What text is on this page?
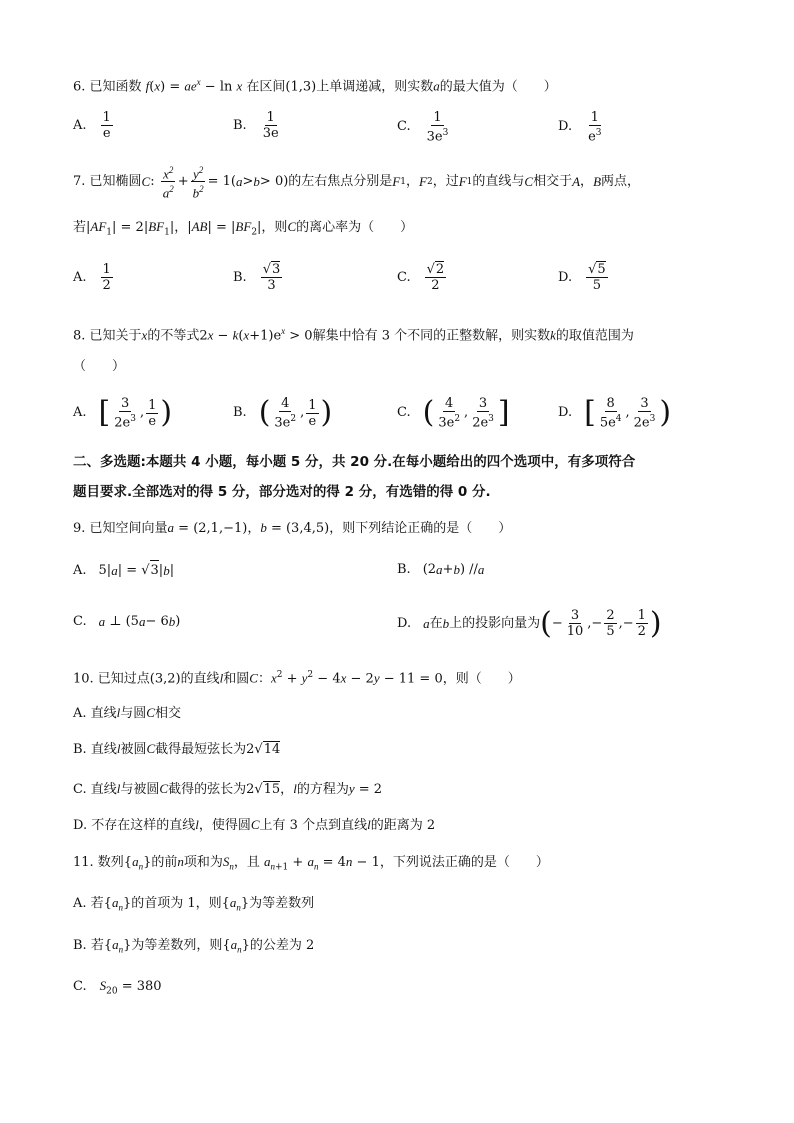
6. 已知函数 $f(x) = ae^x - \ln x$ 在区间(1,3)上单调递减，则实数a的最大值为（　　）
A. $\frac{1}{e}$	B. $\frac{1}{3e}$	C. $\frac{1}{3e^3}$	D. $\frac{1}{e^3}$
7. 已知椭圆 C : $\frac{x^2}{a^2} + \frac{y^2}{b^2} = 1$( a > b > 0)的左右焦点分别是 F 1 ， F 2 ，过 F 1 的直线与 C 相交于 A ， B 两点，
若$|AF_1| = 2|BF_1|$，$|AB| = |BF_2|$，则C的离心率为（　　）
A. $\frac{1}{2}$	B. $\frac{√3}{3}$	C. $\frac{√2}{2}$	D. $\frac{√5}{5}$
8. 已知关于x的不等式$2x - k(x+1)e^x > 0$解集中恰有 3 个不同的正整数解，则实数k的取值范围为
（　　）
A. [ $\frac{3}{2e^3}$ , $\frac{1}{e}$ )	B. ( $\frac{4}{3e^2}$ , $\frac{1}{e}$ )	C. ( $\frac{4}{3e^2}$ , $\frac{3}{2e^3}$ ]	D. [ $\frac{8}{5e^4}$ , $\frac{3}{2e^3}$ )
二、多选题:本题共 4 小题，每小题 5 分，共 20 分.在每小题给出的四个选项中，有多项符合
题目要求.全部选对的得 5 分，部分选对的得 2 分，有选错的得 0 分.
9. 已知空间向量a = (2,1,−1)，b = (3,4,5)，则下列结论正确的是（　　）
A. 5| a | = √ 3 | b |	B. (2 a + b ) // a
C. a ⊥ (5 a − 6 b )	D. a 在 b 上的投影向量为 ( − $\frac{3}{10}$ ,− $\frac{2}{5}$ ,− $\frac{1}{2}$ )
10. 已知过点(3,2)的直线l和圆C：$x^2 + y^2 - 4x - 2y - 11 = 0$，则（　　）
A. 直线l与圆C相交
B. 直线l被圆C截得最短弦长为2√14
C. 直线l与被圆C截得的弦长为2√15，l的方程为y = 2
D. 不存在这样的直线l，使得圆C上有 3 个点到直线l的距离为 2
11. 数列$\{a_n\}$的前n项和为$S_n$，且 $a_{n+1} + a_n = 4n - 1$，下列说法正确的是（　　）
A. 若$\{a_n\}$的首项为 1，则$\{a_n\}$为等差数列
B. 若$\{a_n\}$为等差数列，则$\{a_n\}$的公差为 2
C.　$S_{20} = 380$
